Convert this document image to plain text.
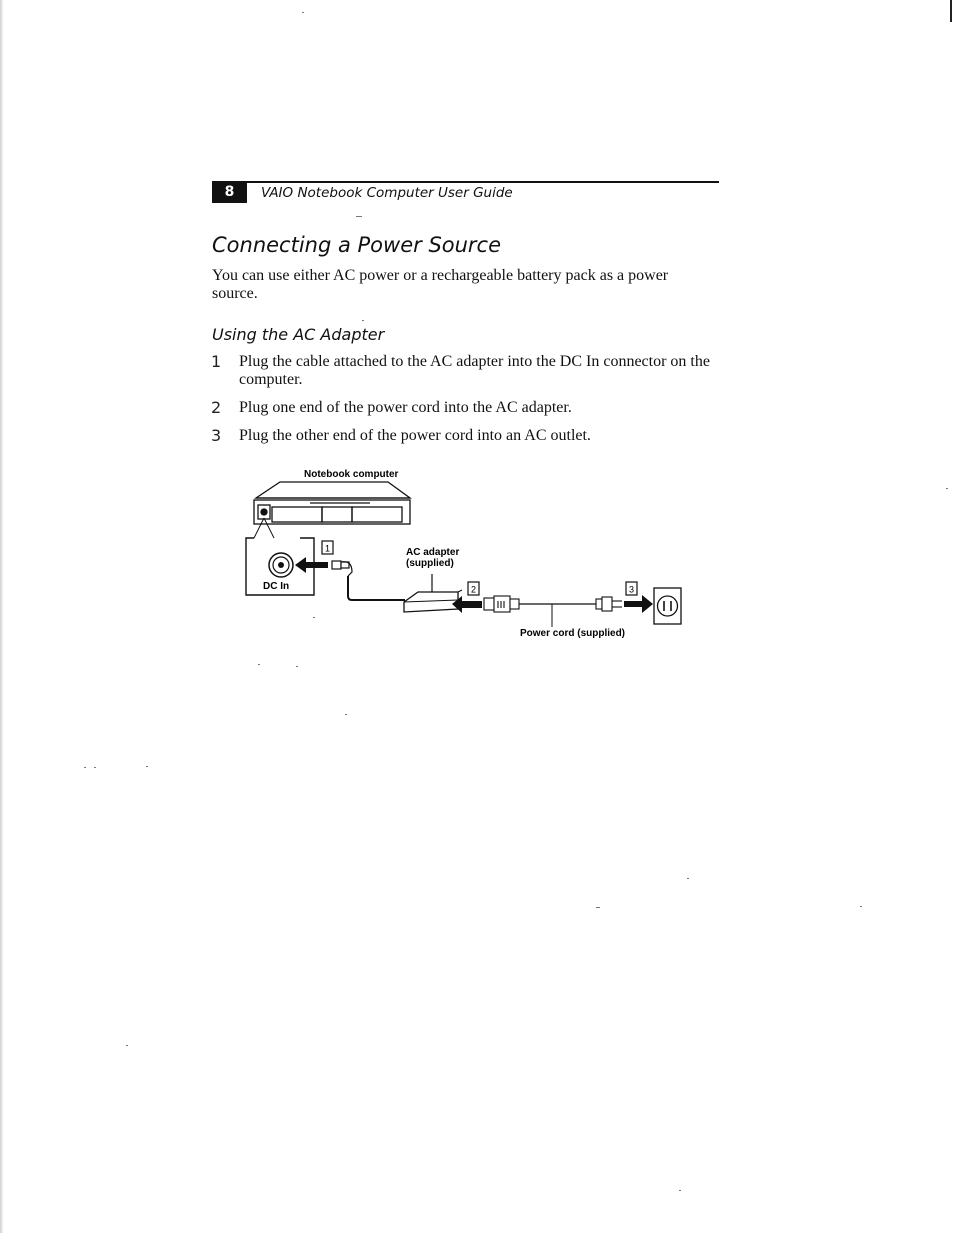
8	VAIO Notebook Computer User Guide
Connecting a Power Source
You can use either AC power or a rechargeable battery pack as a power source.
Using the AC Adapter
1 Plug the cable attached to the AC adapter into the DC In connector on the computer.
2 Plug one end of the power cord into the AC adapter.
3 Plug the other end of the power cord into an AC outlet.
Notebook computer
DC In
1	AC adapter
(supplied)
2	3
Power cord (supplied)
